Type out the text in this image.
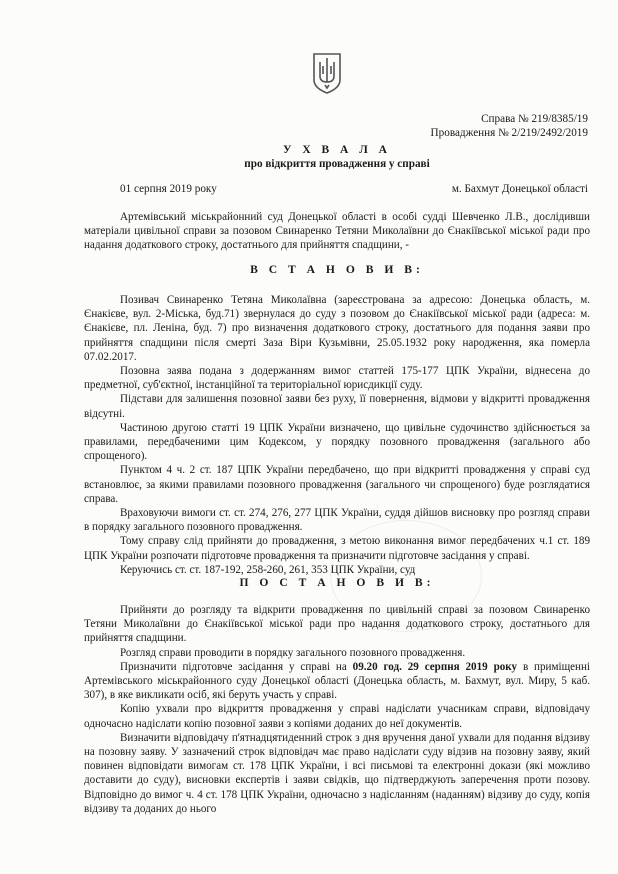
Справа № 219/8385/19
Провадження № 2/219/2492/2019
У Х В А Л А
про відкриття провадження у справі
01 серпня 2019 року	м. Бахмут Донецької області

Артемівський міськрайонний суд Донецької області в особі судді Шевченко Л.В., дослідивши матеріали цивільної справи за позовом Свинаренко Тетяни Миколаївни до Єнакіївської міської ради про надання додаткового строку, достатнього для прийняття спадщини, -

В С Т А Н О В И В:

Позивач Свинаренко Тетяна Миколаївна (зареєстрована за адресою: Донецька область, м. Єнакієве, вул. 2-Міська, буд.71) звернулася до суду з позовом до Єнакіївської міської ради (адреса: м. Єнакієве, пл. Леніна, буд. 7) про визначення додаткового строку, достатнього для подання заяви про прийняття спадщини після смерті Заза Віри Кузьмівни, 25.05.1932 року народження, яка померла 07.02.2017.

Позовна заява подана з додержанням вимог статтей 175-177 ЦПК України, віднесена до предметної, суб'єктної, інстанційної та територіальної юрисдикції суду.

Підстави для залишення позовної заяви без руху, її повернення, відмови у відкритті провадження відсутні.

Частиною другою статті 19 ЦПК України визначено, що цивільне судочинство здійснюється за правилами, передбаченими цим Кодексом, у порядку позовного провадження (загального або спрощеного).

Пунктом 4 ч. 2 ст. 187 ЦПК України передбачено, що при відкритті провадження у справі суд встановлює, за якими правилами позовного провадження (загального чи спрощеного) буде розглядатися справа.

Враховуючи вимоги ст. ст. 274, 276, 277 ЦПК України, суддя дійшов висновку про розгляд справи в порядку загального позовного провадження.

Тому справу слід прийняти до провадження, з метою виконання вимог передбачених ч.1 ст. 189 ЦПК України розпочати підготовче провадження та призначити підготовче засідання у справі.

Керуючись ст. ст. 187-192, 258-260, 261, 353 ЦПК України, суд

П О С Т А Н О В И В:

Прийняти до розгляду та відкрити провадження по цивільній справі за позовом Свинаренко Тетяни Миколаївни до Єнакіївської міської ради про надання додаткового строку, достатнього для прийняття спадщини.

Розгляд справи проводити в порядку загального позовного провадження.

Призначити підготовче засідання у справі на 09.20 год. 29 серпня 2019 року в приміщенні Артемівського міськрайонного суду Донецької області (Донецька область, м. Бахмут, вул. Миру, 5 каб. 307), в яке викликати осіб, які беруть участь у справі.

Копію ухвали про відкриття провадження у справі надіслати учасникам справи, відповідачу одночасно надіслати копію позовної заяви з копіями доданих до неї документів.

Визначити відповідачу п'ятнадцятиденний строк з дня вручення даної ухвали для подання відзиву на позовну заяву. У зазначений строк відповідач має право надіслати суду відзив на позовну заяву, який повинен відповідати вимогам ст. 178 ЦПК України, і всі письмові та електронні докази (які можливо доставити до суду), висновки експертів і заяви свідків, що підтверджують заперечення проти позову. Відповідно до вимог ч. 4 ст. 178 ЦПК України, одночасно з надісланням (наданням) відзиву до суду, копія відзиву та доданих до нього
